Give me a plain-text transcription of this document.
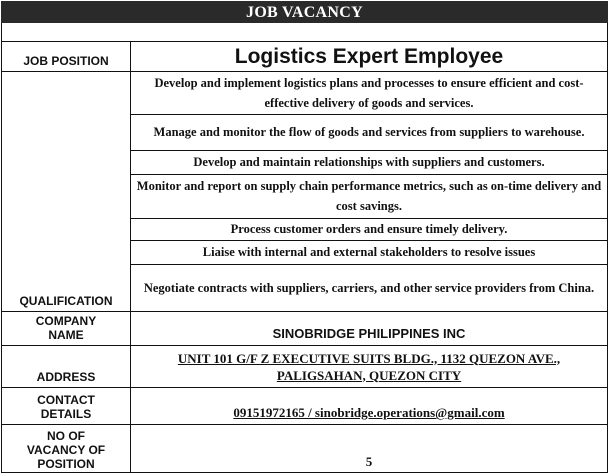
JOB VACANCY
JOB POSITION	Logistics Expert Employee

QUALIFICATION	
Develop and implement logistics plans and processes to ensure efficient and cost-effective delivery of goods and services.
Manage and monitor the flow of goods and services from suppliers to warehouse.
Develop and maintain relationships with suppliers and customers.
Monitor and report on supply chain performance metrics, such as on-time delivery and cost savings.
Process customer orders and ensure timely delivery.
Liaise with internal and external stakeholders to resolve issues
Negotiate contracts with suppliers, carriers, and other service providers from China.

COMPANY NAME	SINOBRIDGE PHILIPPINES INC
ADDRESS	UNIT 101 G/F Z EXECUTIVE SUITS BLDG., 1132 QUEZON AVE., PALIGSAHAN, QUEZON CITY
CONTACT DETAILS	09151972165 / sinobridge.operations@gmail.com
NO OF VACANCY OF POSITION	5
